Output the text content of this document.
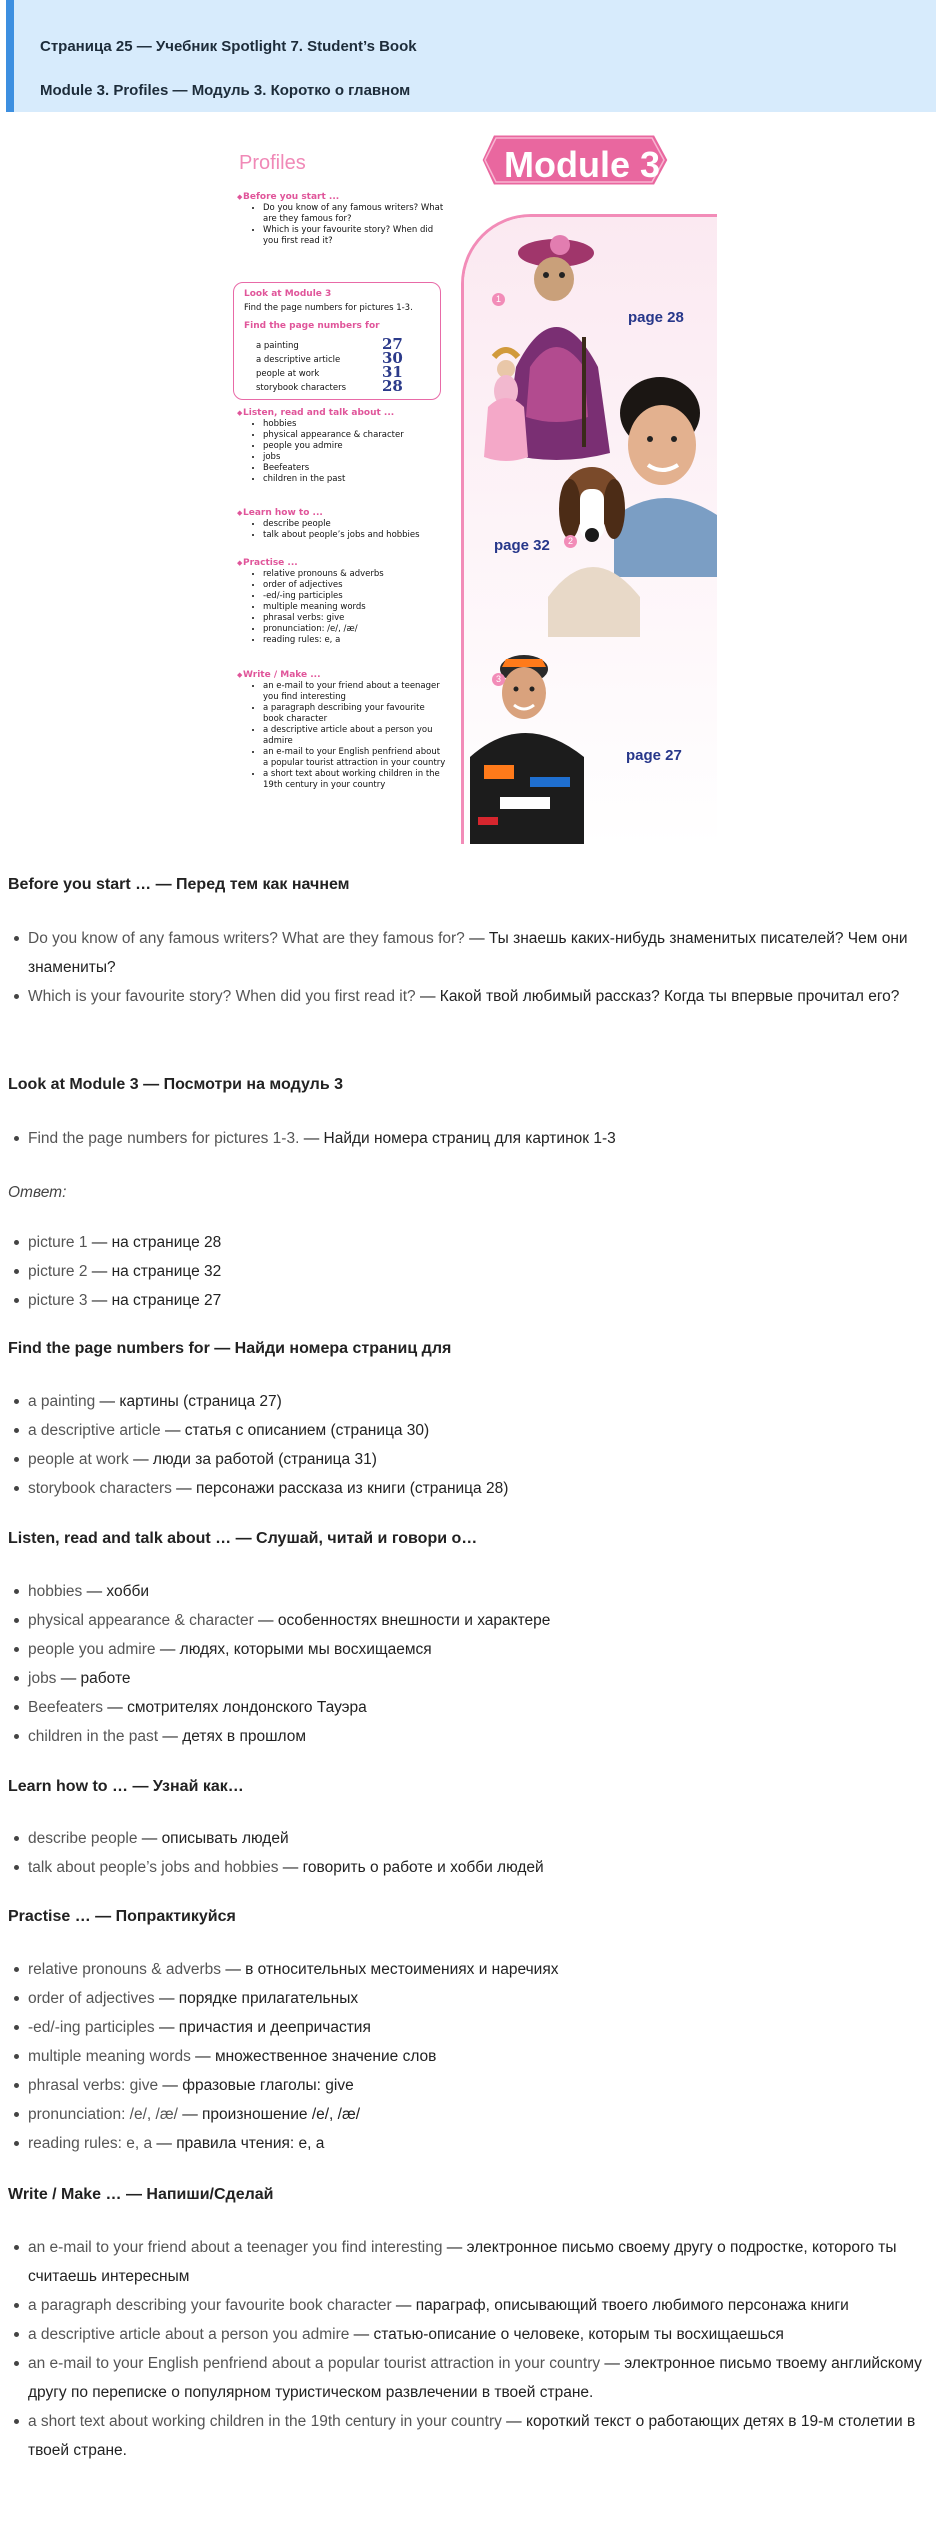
Страница 25 — Учебник Spotlight 7. Student’s Book
Module 3. Profiles — Модуль 3. Коротко о главном
Profiles
◆ Before you start ...
• Do you know of any famous writers? What are they famous for?
• Which is your favourite story? When did you first read it?
Look at Module 3
Find the page numbers for pictures 1-3.
Find the page numbers for
a painting	27
a descriptive article	30
people at work	31
storybook characters 28
◆ Listen, read and talk about ...
• hobbies
• physical appearance & character
• people you admire
• jobs
• Beefeaters
• children in the past
◆ Learn how to ...
• describe people
• talk about people’s jobs and hobbies
◆ Practise ...
• relative pronouns & adverbs
• order of adjectives
• -ed/-ing participles
• multiple meaning words
• phrasal verbs: give
• pronunciation: /e/, /æ/
• reading rules: e, a
◆ Write / Make ...
• an e-mail to your friend about a teenager you find interesting
• a paragraph describing your favourite book character
• a descriptive article about a person you admire
• an e-mail to your English penfriend about a popular tourist attraction in your country
• a short text about working children in the 19th century in your country
Module 3
1
page 28
2
page 32
3
page 27
Before you start … — Перед тем как начнем
Do you know of any famous writers? What are they famous for? — Ты знаешь каких-нибудь знаменитых писателей? Чем они знамениты?
Which is your favourite story? When did you first read it? — Какой твой любимый рассказ? Когда ты впервые прочитал его?
Look at Module 3 — Посмотри на модуль 3
Find the page numbers for pictures 1-3. — Найди номера страниц для картинок 1-3
Ответ:
picture 1 — на странице 28
picture 2 — на странице 32
picture 3 — на странице 27
Find the page numbers for — Найди номера страниц для
a painting — картины (страница 27)
a descriptive article — статья с описанием (страница 30)
people at work — люди за работой (страница 31)
storybook characters — персонажи рассказа из книги (страница 28)
Listen, read and talk about … — Слушай, читай и говори о…
hobbies — хобби
physical appearance & character — особенностях внешности и характере
people you admire — людях, которыми мы восхищаемся
jobs — работе
Beefeaters — смотрителях лондонского Тауэра
children in the past — детях в прошлом
Learn how to … — Узнай как…
describe people — описывать людей
talk about people’s jobs and hobbies — говорить о работе и хобби людей
Practise … — Попрактикуйся
relative pronouns & adverbs — в относительных местоимениях и наречиях
order of adjectives — порядке прилагательных
-ed/-ing participles — причастия и деепричастия
multiple meaning words — множественное значение слов
phrasal verbs: give — фразовые глаголы: give
pronunciation: /e/, /æ/ — произношение /e/, /æ/
reading rules: e, a — правила чтения: e, a
Write / Make … — Напиши/Сделай
an e-mail to your friend about a teenager you find interesting — электронное письмо своему другу о подростке, которого ты считаешь интересным
a paragraph describing your favourite book character — параграф, описывающий твоего любимого персонажа книги
a descriptive article about a person you admire — статью-описание о человеке, которым ты восхищаешься
an e-mail to your English penfriend about a popular tourist attraction in your country — электронное письмо твоему английскому другу по переписке о популярном туристическом развлечении в твоей стране.
a short text about working children in the 19th century in your country — короткий текст о работающих детях в 19-м столетии в твоей стране.
